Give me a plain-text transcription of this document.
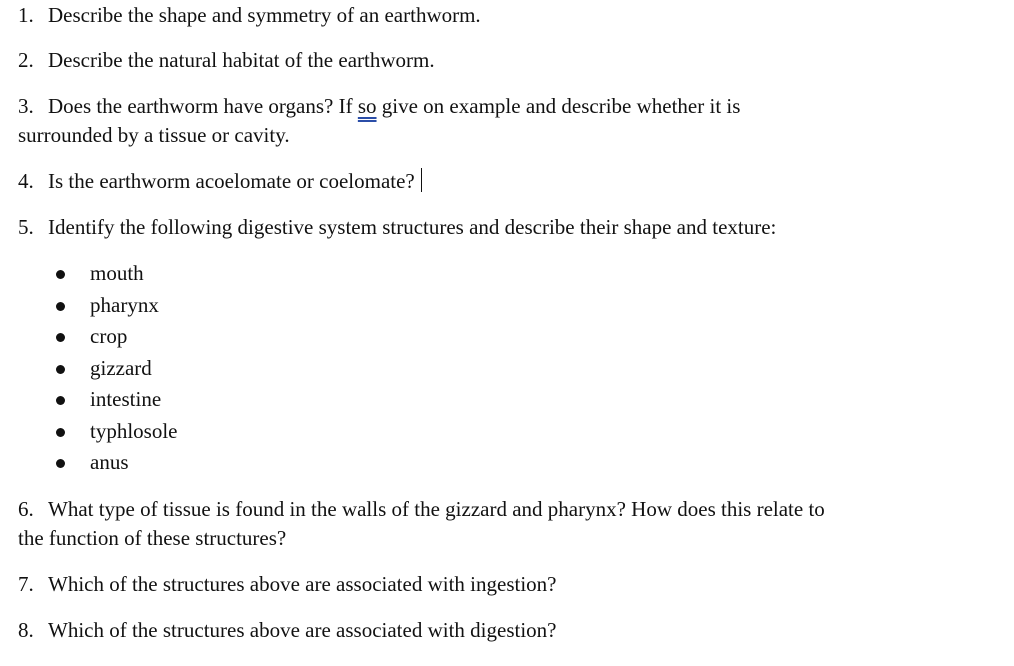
1. Describe the shape and symmetry of an earthworm.
2. Describe the natural habitat of the earthworm.
3. Does the earthworm have organs? If so give on example and describe whether it is
surrounded by a tissue or cavity.
4. Is the earthworm acoelomate or coelomate?
5. Identify the following digestive system structures and describe their shape and texture:
mouth
pharynx
crop
gizzard
intestine
typhlosole
anus
6. What type of tissue is found in the walls of the gizzard and pharynx? How does this relate to
the function of these structures?
7. Which of the structures above are associated with ingestion?
8. Which of the structures above are associated with digestion?
